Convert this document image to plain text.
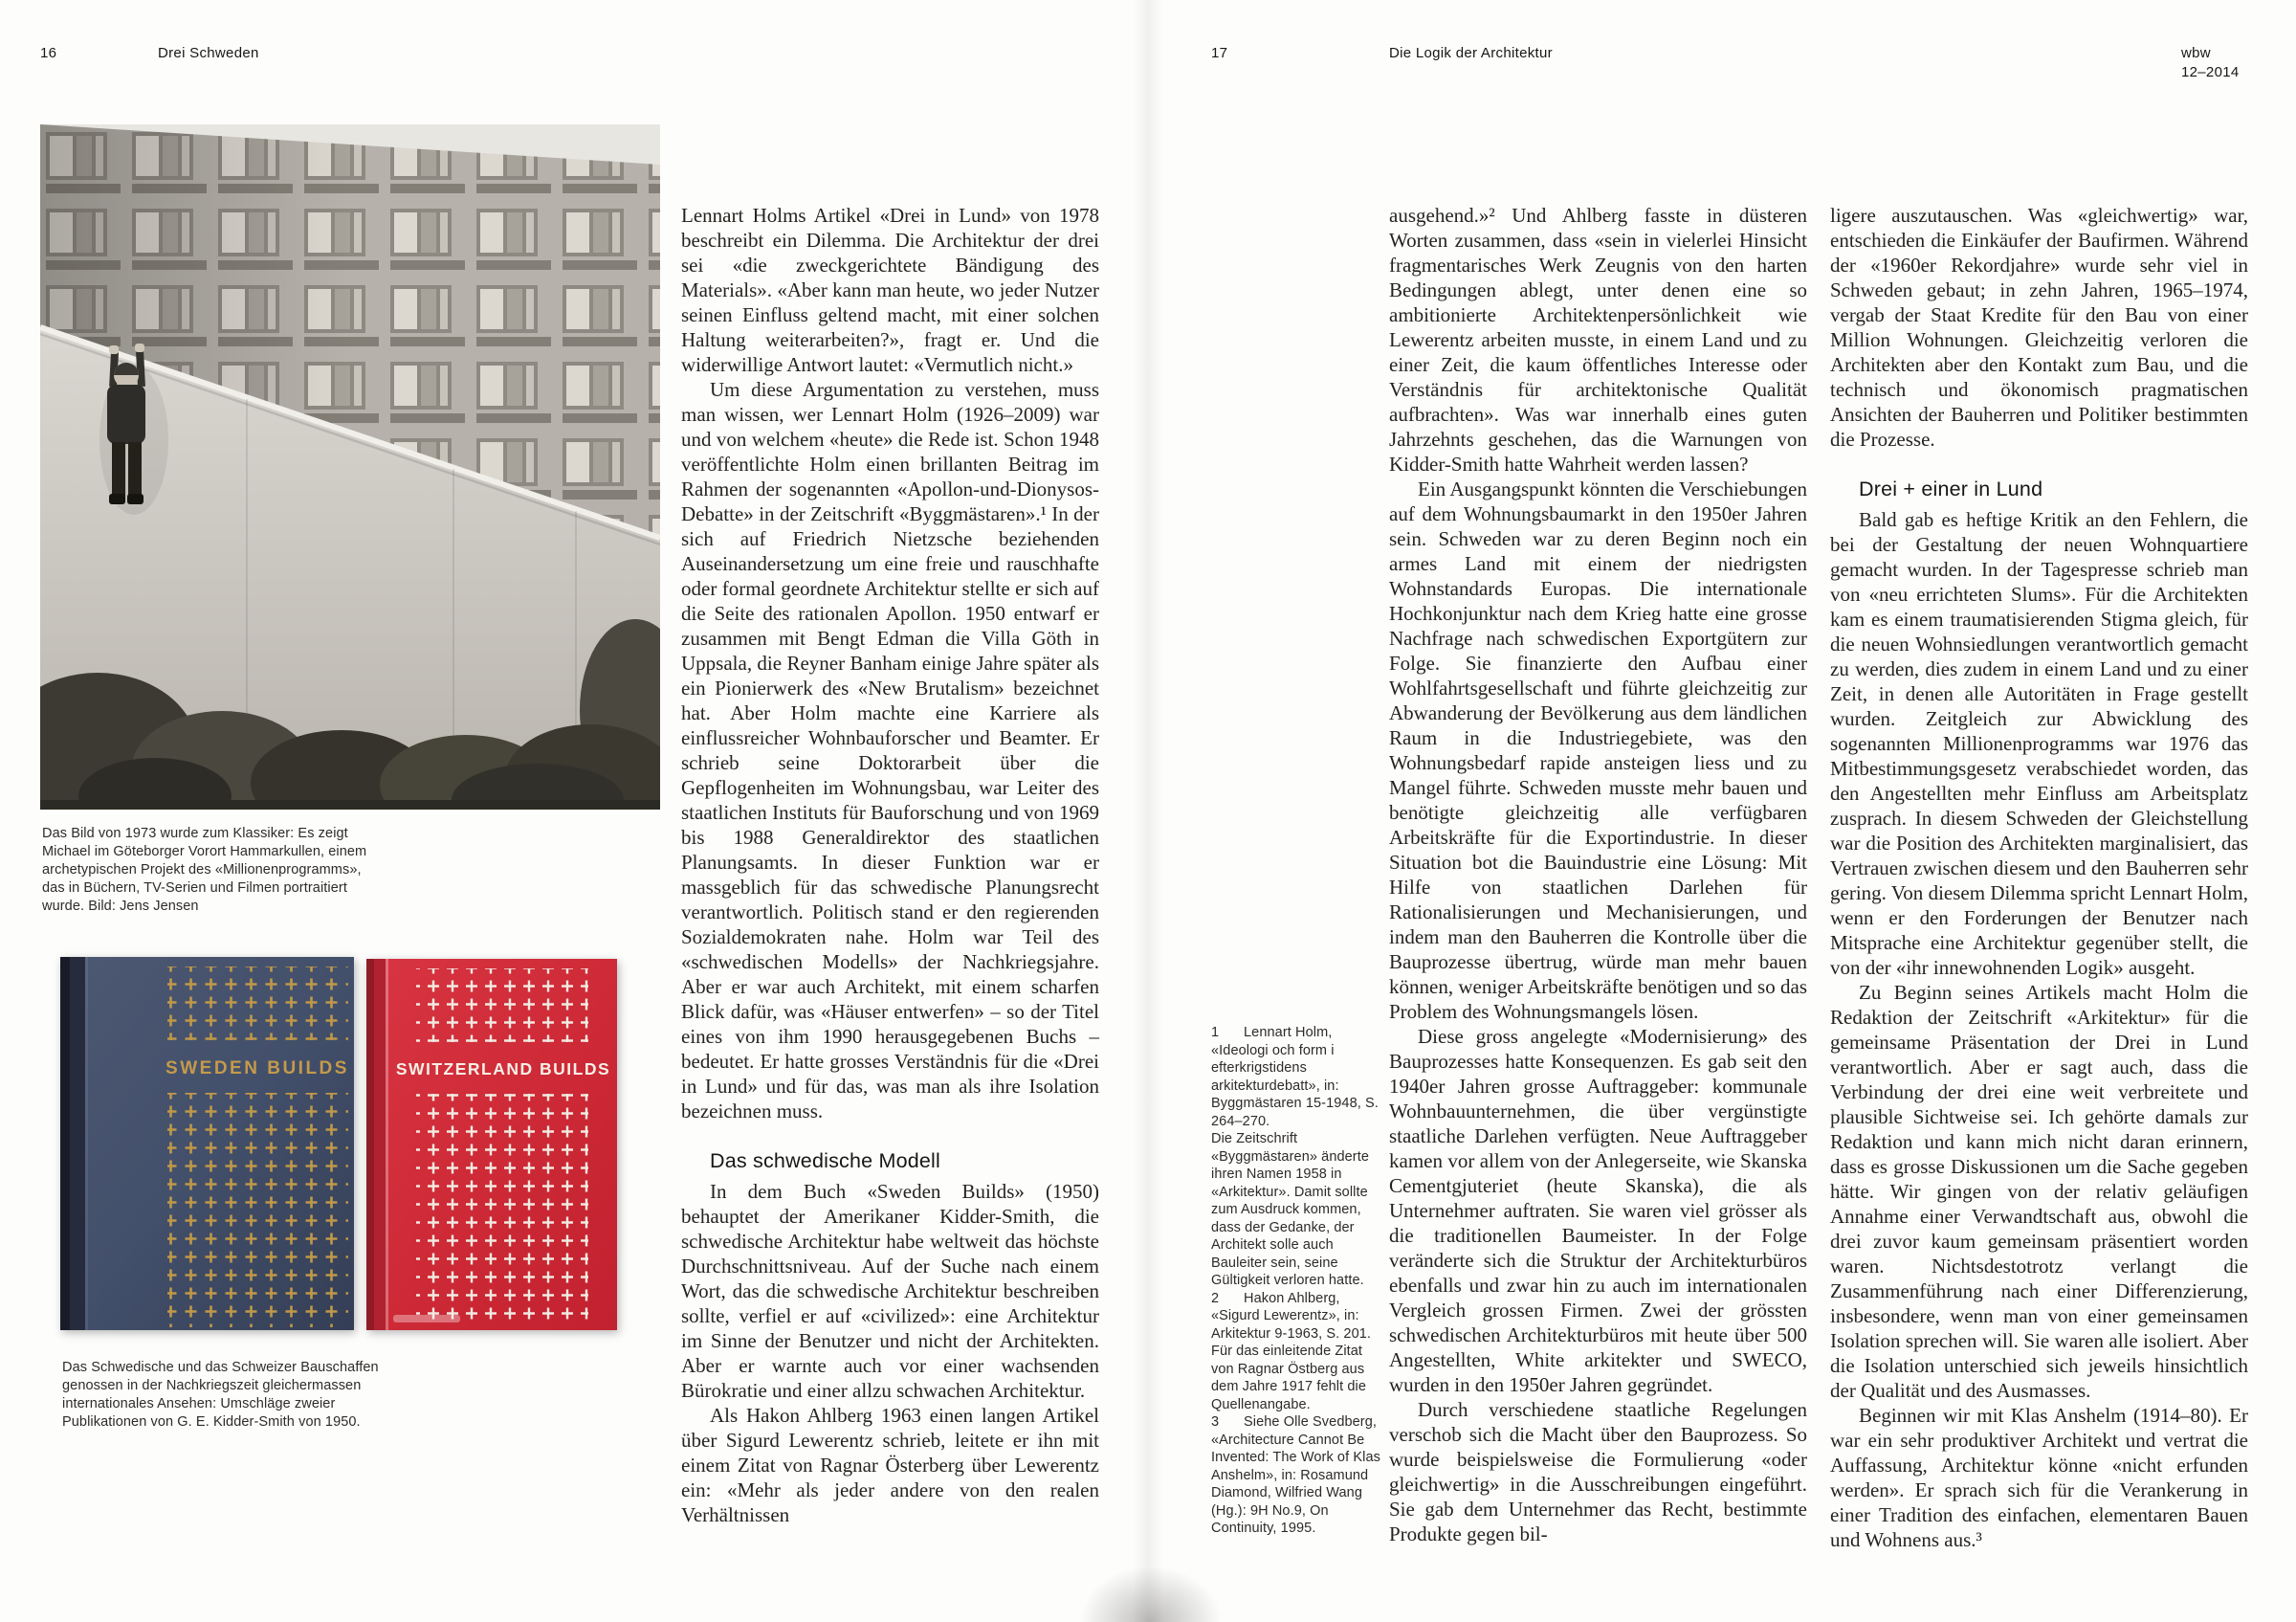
16	Drei Schweden
Das Bild von 1973 wurde zum Klassiker: Es zeigt Michael im Göteborger Vorort Hammarkullen, einem archetypischen Projekt des «Millionenprogramms», das in Büchern, TV-Serien und Filmen portraitiert wurde. Bild: Jens Jensen
SWEDEN BUILDS	SWITZERLAND BUILDS
Das Schwedische und das Schweizer Bauschaffen genossen in der Nachkriegszeit gleichermassen internationales Ansehen: Umschläge zweier Publikationen von G. E. Kidder-Smith von 1950.

Lennart Holms Artikel «Drei in Lund» von 1978 beschreibt ein Dilemma. Die Architektur der drei sei «die zweckgerichtete Bändigung des Materials». «Aber kann man heute, wo jeder Nutzer seinen Einfluss geltend macht, mit einer solchen Haltung weiterarbeiten?», fragt er. Und die widerwillige Antwort lautet: «Vermutlich nicht.»

Um diese Argumentation zu verstehen, muss man wissen, wer Lennart Holm (1926–2009) war und von welchem «heute» die Rede ist. Schon 1948 veröffentlichte Holm einen brillanten Beitrag im Rahmen der sogenannten «Apollon-und-Dionysos-Debatte» in der Zeitschrift «Byggmästaren».¹ In der sich auf Friedrich Nietzsche beziehenden Auseinandersetzung um eine freie und rauschhafte oder formal geordnete Architektur stellte er sich auf die Seite des rationalen Apollon. 1950 entwarf er zusammen mit Bengt Edman die Villa Göth in Uppsala, die Reyner Banham einige Jahre später als ein Pionierwerk des «New Brutalism» bezeichnet hat. Aber Holm machte eine Karriere als einflussreicher Wohnbauforscher und Beamter. Er schrieb seine Doktorarbeit über die Gepflogenheiten im Wohnungsbau, war Leiter des staatlichen Instituts für Bauforschung und von 1969 bis 1988 Generaldirektor des staatlichen Planungsamts. In dieser Funktion war er massgeblich für das schwedische Planungsrecht verantwortlich. Politisch stand er den regierenden Sozialdemokraten nahe. Holm war Teil des «schwedischen Modells» der Nachkriegsjahre. Aber er war auch Architekt, mit einem scharfen Blick dafür, was «Häuser entwerfen» – so der Titel eines von ihm 1990 herausgegebenen Buchs – bedeutet. Er hatte grosses Verständnis für die «Drei in Lund» und für das, was man als ihre Isolation bezeichnen muss.

Das schwedische Modell

In dem Buch «Sweden Builds» (1950) behauptet der Amerikaner Kidder-Smith, die schwedische Architektur habe weltweit das höchste Durchschnittsniveau. Auf der Suche nach einem Wort, das die schwedische Architektur beschreiben sollte, verfiel er auf «civilized»: eine Architektur im Sinne der Benutzer und nicht der Architekten. Aber er warnte auch vor einer wachsenden Bürokratie und einer allzu schwachen Architektur.

Als Hakon Ahlberg 1963 einen langen Artikel über Sigurd Lewerentz schrieb, leitete er ihn mit einem Zitat von Ragnar Österberg über Lewerentz ein: «Mehr als jeder andere von den realen Verhältnissen

17	Die Logik der Architektur	wbw
12–2014

1 Lennart Holm, «Ideologi och form i efterkrigstidens arkitekturdebatt», in: Byggmästaren 15-1948, S. 264–270.

Die Zeitschrift «Byggmästaren» änderte ihren Namen 1958 in «Arkitektur». Damit sollte zum Ausdruck kommen, dass der Gedanke, der Architekt solle auch Bauleiter sein, seine Gültigkeit verloren hatte.

2 Hakon Ahlberg, «Sigurd Lewerentz», in: Arkitektur 9-1963, S. 201. Für das einleitende Zitat von Ragnar Östberg aus dem Jahre 1917 fehlt die Quellenangabe.

3 Siehe Olle Svedberg, «Architecture Cannot Be Invented: The Work of Klas Anshelm», in: Rosamund Diamond, Wilfried Wang (Hg.): 9H No.9, On Continuity, 1995.

ausgehend.»² Und Ahlberg fasste in düsteren Worten zusammen, dass «sein in vielerlei Hinsicht fragmentarisches Werk Zeugnis von den harten Bedingungen ablegt, unter denen eine so ambitionierte Architektenpersönlichkeit wie Lewerentz arbeiten musste, in einem Land und zu einer Zeit, die kaum öffentliches Interesse oder Verständnis für architektonische Qualität aufbrachten». Was war innerhalb eines guten Jahrzehnts geschehen, das die Warnungen von Kidder-Smith hatte Wahrheit werden lassen?

Ein Ausgangspunkt könnten die Verschiebungen auf dem Wohnungsbaumarkt in den 1950er Jahren sein. Schweden war zu deren Beginn noch ein armes Land mit einem der niedrigsten Wohnstandards Europas. Die internationale Hochkonjunktur nach dem Krieg hatte eine grosse Nachfrage nach schwedischen Exportgütern zur Folge. Sie finanzierte den Aufbau einer Wohlfahrtsgesellschaft und führte gleichzeitig zur Abwanderung der Bevölkerung aus dem ländlichen Raum in die Industriegebiete, was den Wohnungsbedarf rapide ansteigen liess und zu Mangel führte. Schweden musste mehr bauen und benötigte gleichzeitig alle verfügbaren Arbeitskräfte für die Exportindustrie. In dieser Situation bot die Bauindustrie eine Lösung: Mit Hilfe von staatlichen Darlehen für Rationalisierungen und Mechanisierungen, und indem man den Bauherren die Kontrolle über die Bauprozesse übertrug, würde man mehr bauen können, weniger Arbeitskräfte benötigen und so das Problem des Wohnungsmangels lösen.

Diese gross angelegte «Modernisierung» des Bauprozesses hatte Konsequenzen. Es gab seit den 1940er Jahren grosse Auftraggeber: kommunale Wohnbauunternehmen, die über vergünstigte staatliche Darlehen verfügten. Neue Auftraggeber kamen vor allem von der Anlegerseite, wie Skanska Cementgjuteriet (heute Skanska), die als Unternehmer auftraten. Sie waren viel grösser als die traditionellen Baumeister. In der Folge veränderte sich die Struktur der Architekturbüros ebenfalls und zwar hin zu auch im internationalen Vergleich grossen Firmen. Zwei der grössten schwedischen Architekturbüros mit heute über 500 Angestellten, White arkitekter und SWECO, wurden in den 1950er Jahren gegründet.

Durch verschiedene staatliche Regelungen verschob sich die Macht über den Bauprozess. So wurde beispielsweise die Formulierung «oder gleichwertig» in die Ausschreibungen eingeführt. Sie gab dem Unternehmer das Recht, bestimmte Produkte gegen bil-

ligere auszutauschen. Was «gleichwertig» war, entschieden die Einkäufer der Baufirmen. Während der «1960er Rekordjahre» wurde sehr viel in Schweden gebaut; in zehn Jahren, 1965–1974, vergab der Staat Kredite für den Bau von einer Million Wohnungen. Gleichzeitig verloren die Architekten aber den Kontakt zum Bau, und die technisch und ökonomisch pragmatischen Ansichten der Bauherren und Politiker bestimmten die Prozesse.

Drei + einer in Lund

Bald gab es heftige Kritik an den Fehlern, die bei der Gestaltung der neuen Wohnquartiere gemacht wurden. In der Tagespresse schrieb man von «neu errichteten Slums». Für die Architekten kam es einem traumatisierenden Stigma gleich, für die neuen Wohnsiedlungen verantwortlich gemacht zu werden, dies zudem in einem Land und zu einer Zeit, in denen alle Autoritäten in Frage gestellt wurden. Zeitgleich zur Abwicklung des sogenannten Millionenprogramms war 1976 das Mitbestimmungsgesetz verabschiedet worden, das den Angestellten mehr Einfluss am Arbeitsplatz zusprach. In diesem Schweden der Gleichstellung war die Position des Architekten marginalisiert, das Vertrauen zwischen diesem und den Bauherren sehr gering. Von diesem Dilemma spricht Lennart Holm, wenn er den Forderungen der Benutzer nach Mitsprache eine Architektur gegenüber stellt, die von der «ihr innewohnenden Logik» ausgeht.

Zu Beginn seines Artikels macht Holm die Redaktion der Zeitschrift «Arkitektur» für die gemeinsame Präsentation der Drei in Lund verantwortlich. Aber er sagt auch, dass die Verbindung der drei eine weit verbreitete und plausible Sichtweise sei. Ich gehörte damals zur Redaktion und kann mich nicht daran erinnern, dass es grosse Diskussionen um die Sache gegeben hätte. Wir gingen von der relativ geläufigen Annahme einer Verwandtschaft aus, obwohl die drei zuvor kaum gemeinsam präsentiert worden waren. Nichtsdestotrotz verlangt die Zusammenführung nach einer Differenzierung, insbesondere, wenn man von einer gemeinsamen Isolation sprechen will. Sie waren alle isoliert. Aber die Isolation unterschied sich jeweils hinsichtlich der Qualität und des Ausmasses.

Beginnen wir mit Klas Anshelm (1914–80). Er war ein sehr produktiver Architekt und vertrat die Auffassung, Architektur könne «nicht erfunden werden». Er sprach sich für die Verankerung in einer Tradition des einfachen, elementaren Bauen und Wohnens aus.³
